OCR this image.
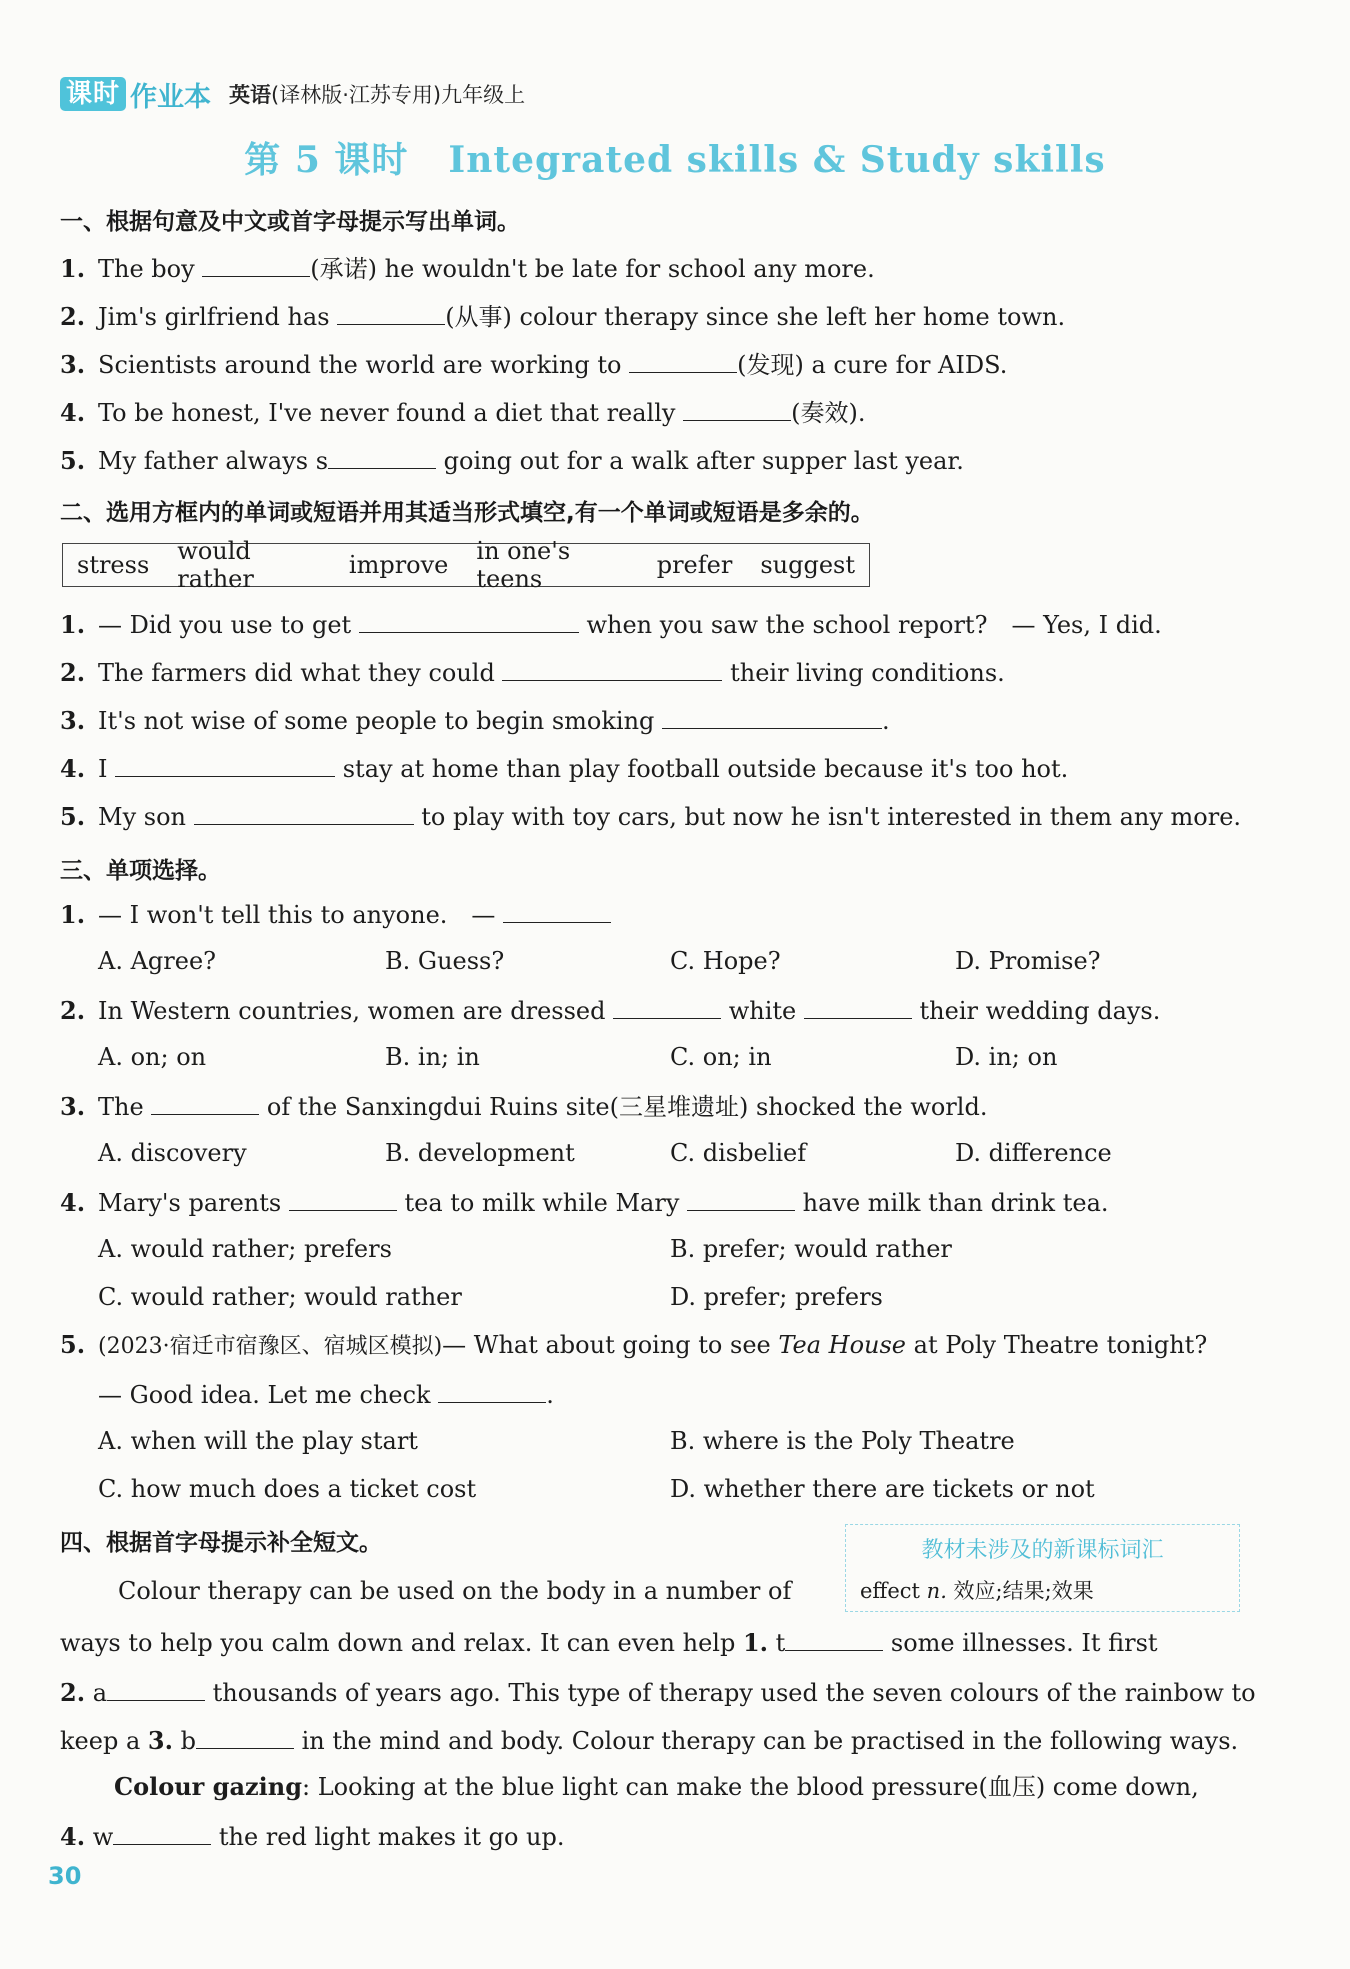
课时 作业本 英语(译林版·江苏专用)九年级上
第 5 课时 Integrated skills & Study skills
一、根据句意及中文或首字母提示写出单词。
1. The boy	(承诺) he wouldn't be late for school any more.
2. Jim's girlfriend has	(从事) colour therapy since she left her home town.
3. Scientists around the world are working to	(发现) a cure for AIDS.
4. To be honest, I've never found a diet that really	(奏效).
5. My father always s	going out for a walk after supper last year.
二、选用方框内的单词或短语并用其适当形式填空,有一个单词或短语是多余的。
stress would rather	improve in one's teens	prefer suggest
1. — Did you use to get	when you saw the school report?　— Yes, I did.
2. The farmers did what they could	their living conditions.
3. It's not wise of some people to begin smoking	.
4. I	stay at home than play football outside because it's too hot.
5. My son	to play with toy cars, but now he isn't interested in them any more.
三、单项选择。
1. — I won't tell this to anyone.　—
A. Agree?	B. Guess?	C. Hope?	D. Promise?
2. In Western countries, women are dressed	white	their wedding days.
A. on; on	B. in; in	C. on; in	D. in; on
3. The	of the Sanxingdui Ruins site(三星堆遗址) shocked the world.
A. discovery	B. development	C. disbelief	D. difference
4. Mary's parents	tea to milk while Mary	have milk than drink tea.
A. would rather; prefers	B. prefer; would rather
C. would rather; would rather	D. prefer; prefers
5. (2023·宿迁市宿豫区、宿城区模拟)— What about going to see Tea House at Poly Theatre tonight?
— Good idea. Let me check	.
A. when will the play start	B. where is the Poly Theatre
C. how much does a ticket cost	D. whether there are tickets or not
四、根据首字母提示补全短文。	教材未涉及的新课标词汇
effect n. 效应;结果;效果
Colour therapy can be used on the body in a number of
ways to help you calm down and relax. It can even help 1. t	some illnesses. It first
2. a	thousands of years ago. This type of therapy used the seven colours of the rainbow to
keep a 3. b	in the mind and body. Colour therapy can be practised in the following ways.
Colour gazing: Looking at the blue light can make the blood pressure(血压) come down,
4. w	the red light makes it go up.
30
